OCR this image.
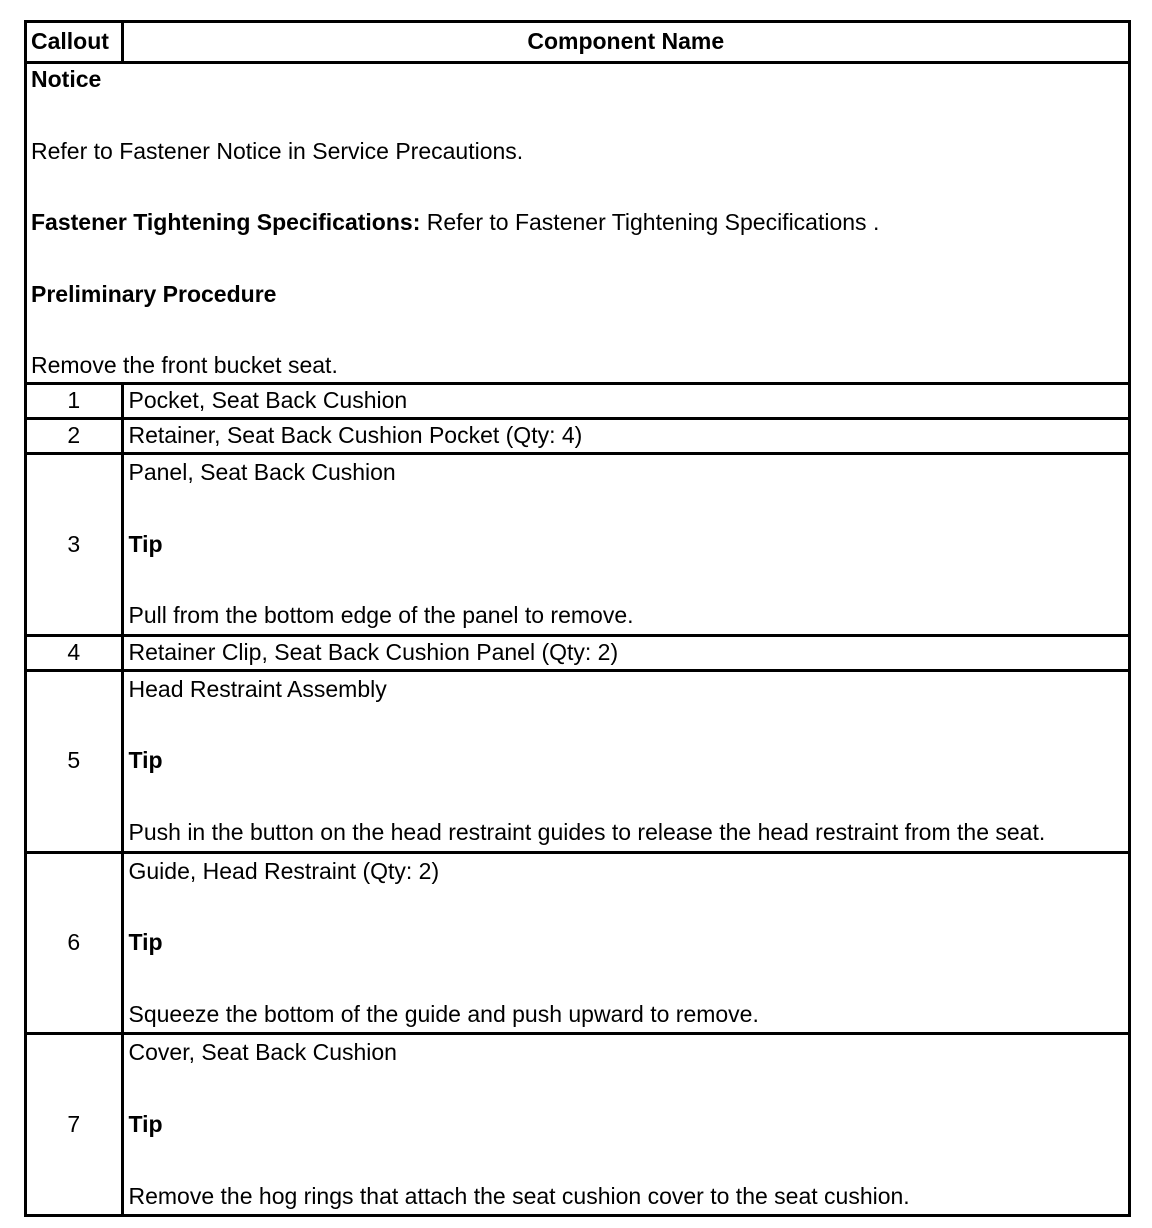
Callout	Component Name

Notice

Refer to Fastener Notice in Service Precautions.

Fastener Tightening Specifications: Refer to Fastener Tightening Specifications .

Preliminary Procedure

Remove the front bucket seat.	

1	Pocket, Seat Back Cushion
2	Retainer, Seat Back Cushion Pocket (Qty: 4)
3	Panel, Seat Back Cushion

Tip

Pull from the bottom edge of the panel to remove.

4	Retainer Clip, Seat Back Cushion Panel (Qty: 2)
5	Head Restraint Assembly

Tip

Push in the button on the head restraint guides to release the head restraint from the seat.

6	Guide, Head Restraint (Qty: 2)

Tip

Squeeze the bottom of the guide and push upward to remove.

7	Cover, Seat Back Cushion

Tip

Remove the hog rings that attach the seat cushion cover to the seat cushion.
